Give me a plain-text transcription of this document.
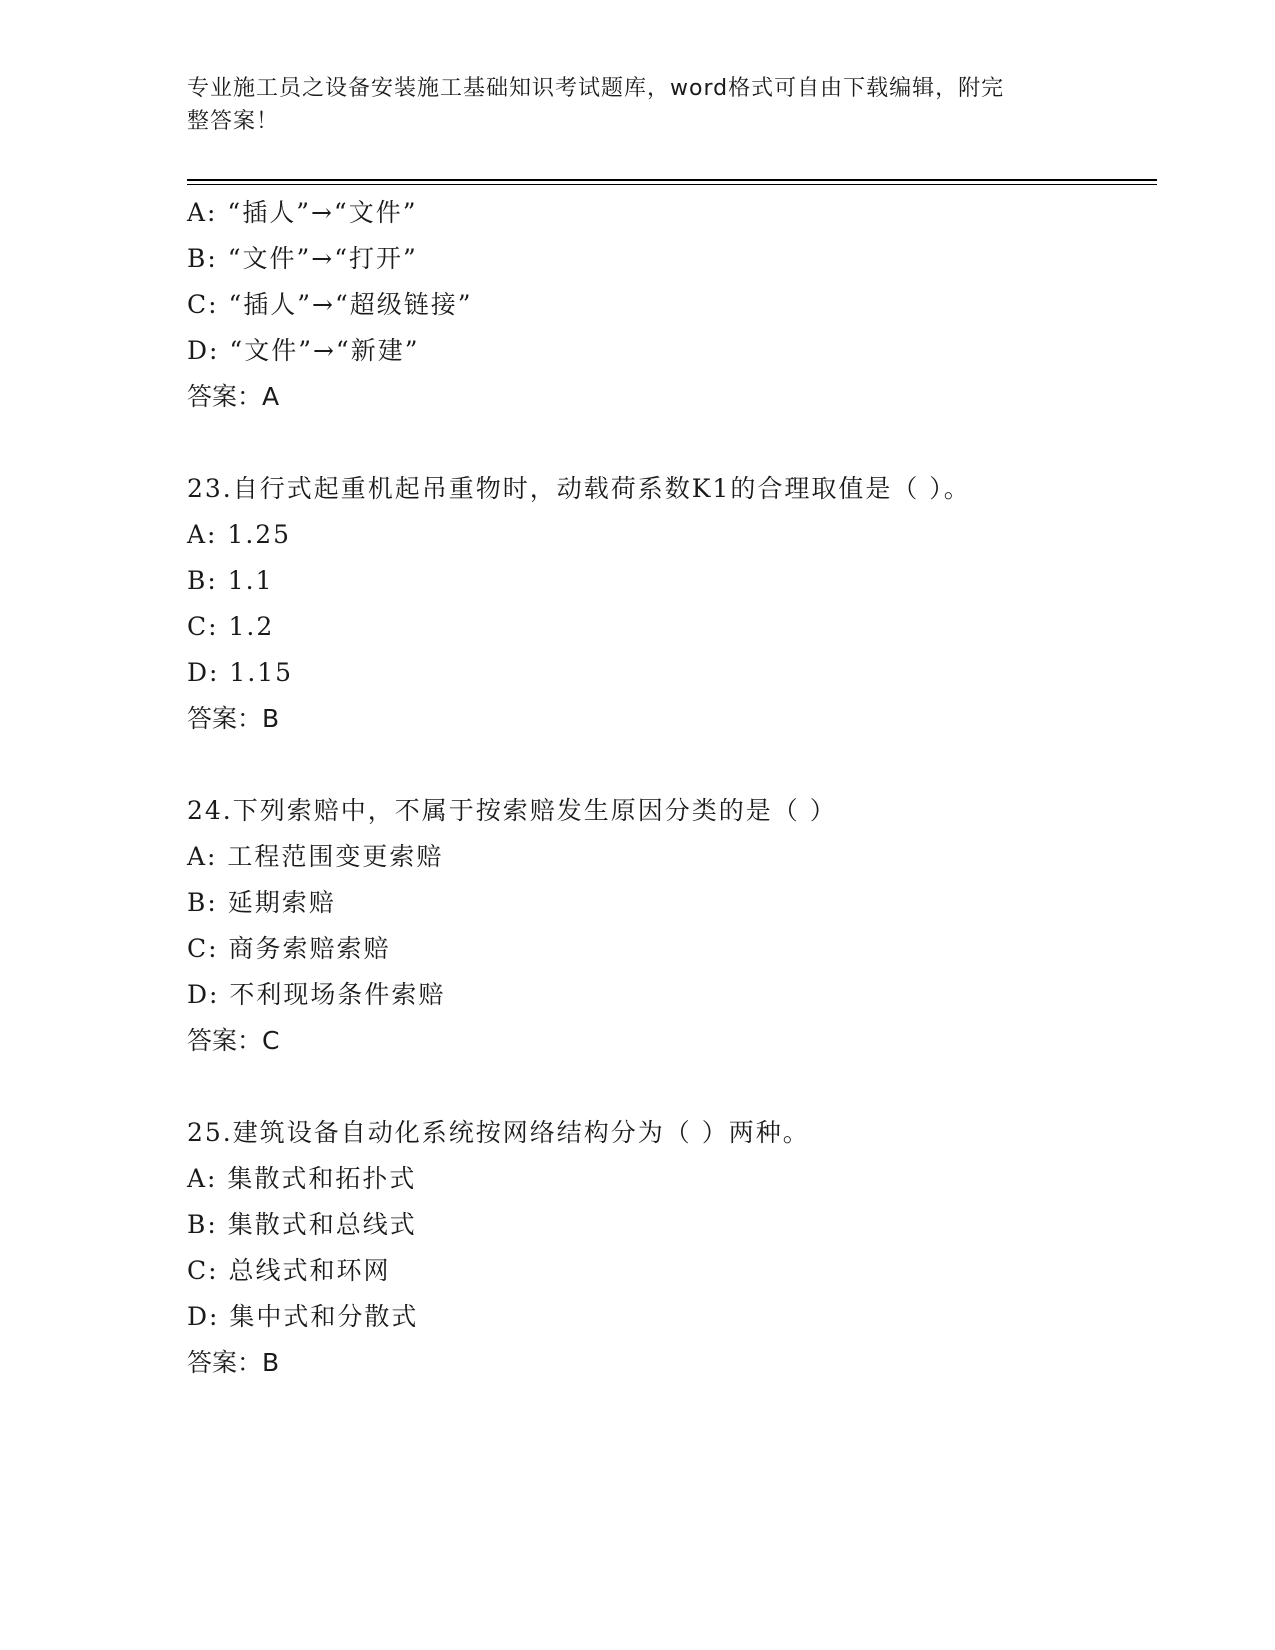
专业施工员之设备安装施工基础知识考试题库，word格式可自由下载编辑，附完
整答案！
A: “插人”→“文件”
B: “文件”→“打开”
C: “插人”→“超级链接”
D: “文件”→“新建”
答案：A
23.自行式起重机起吊重物时，动载荷系数K1的合理取值是（ ）。
A: 1.25
B: 1.1
C: 1.2
D: 1.15
答案：B
24.下列索赔中，不属于按索赔发生原因分类的是（ ）
A: 工程范围变更索赔
B: 延期索赔
C: 商务索赔索赔
D: 不利现场条件索赔
答案：C
25.建筑设备自动化系统按网络结构分为（ ）两种。
A: 集散式和拓扑式
B: 集散式和总线式
C: 总线式和环网
D: 集中式和分散式
答案：B
